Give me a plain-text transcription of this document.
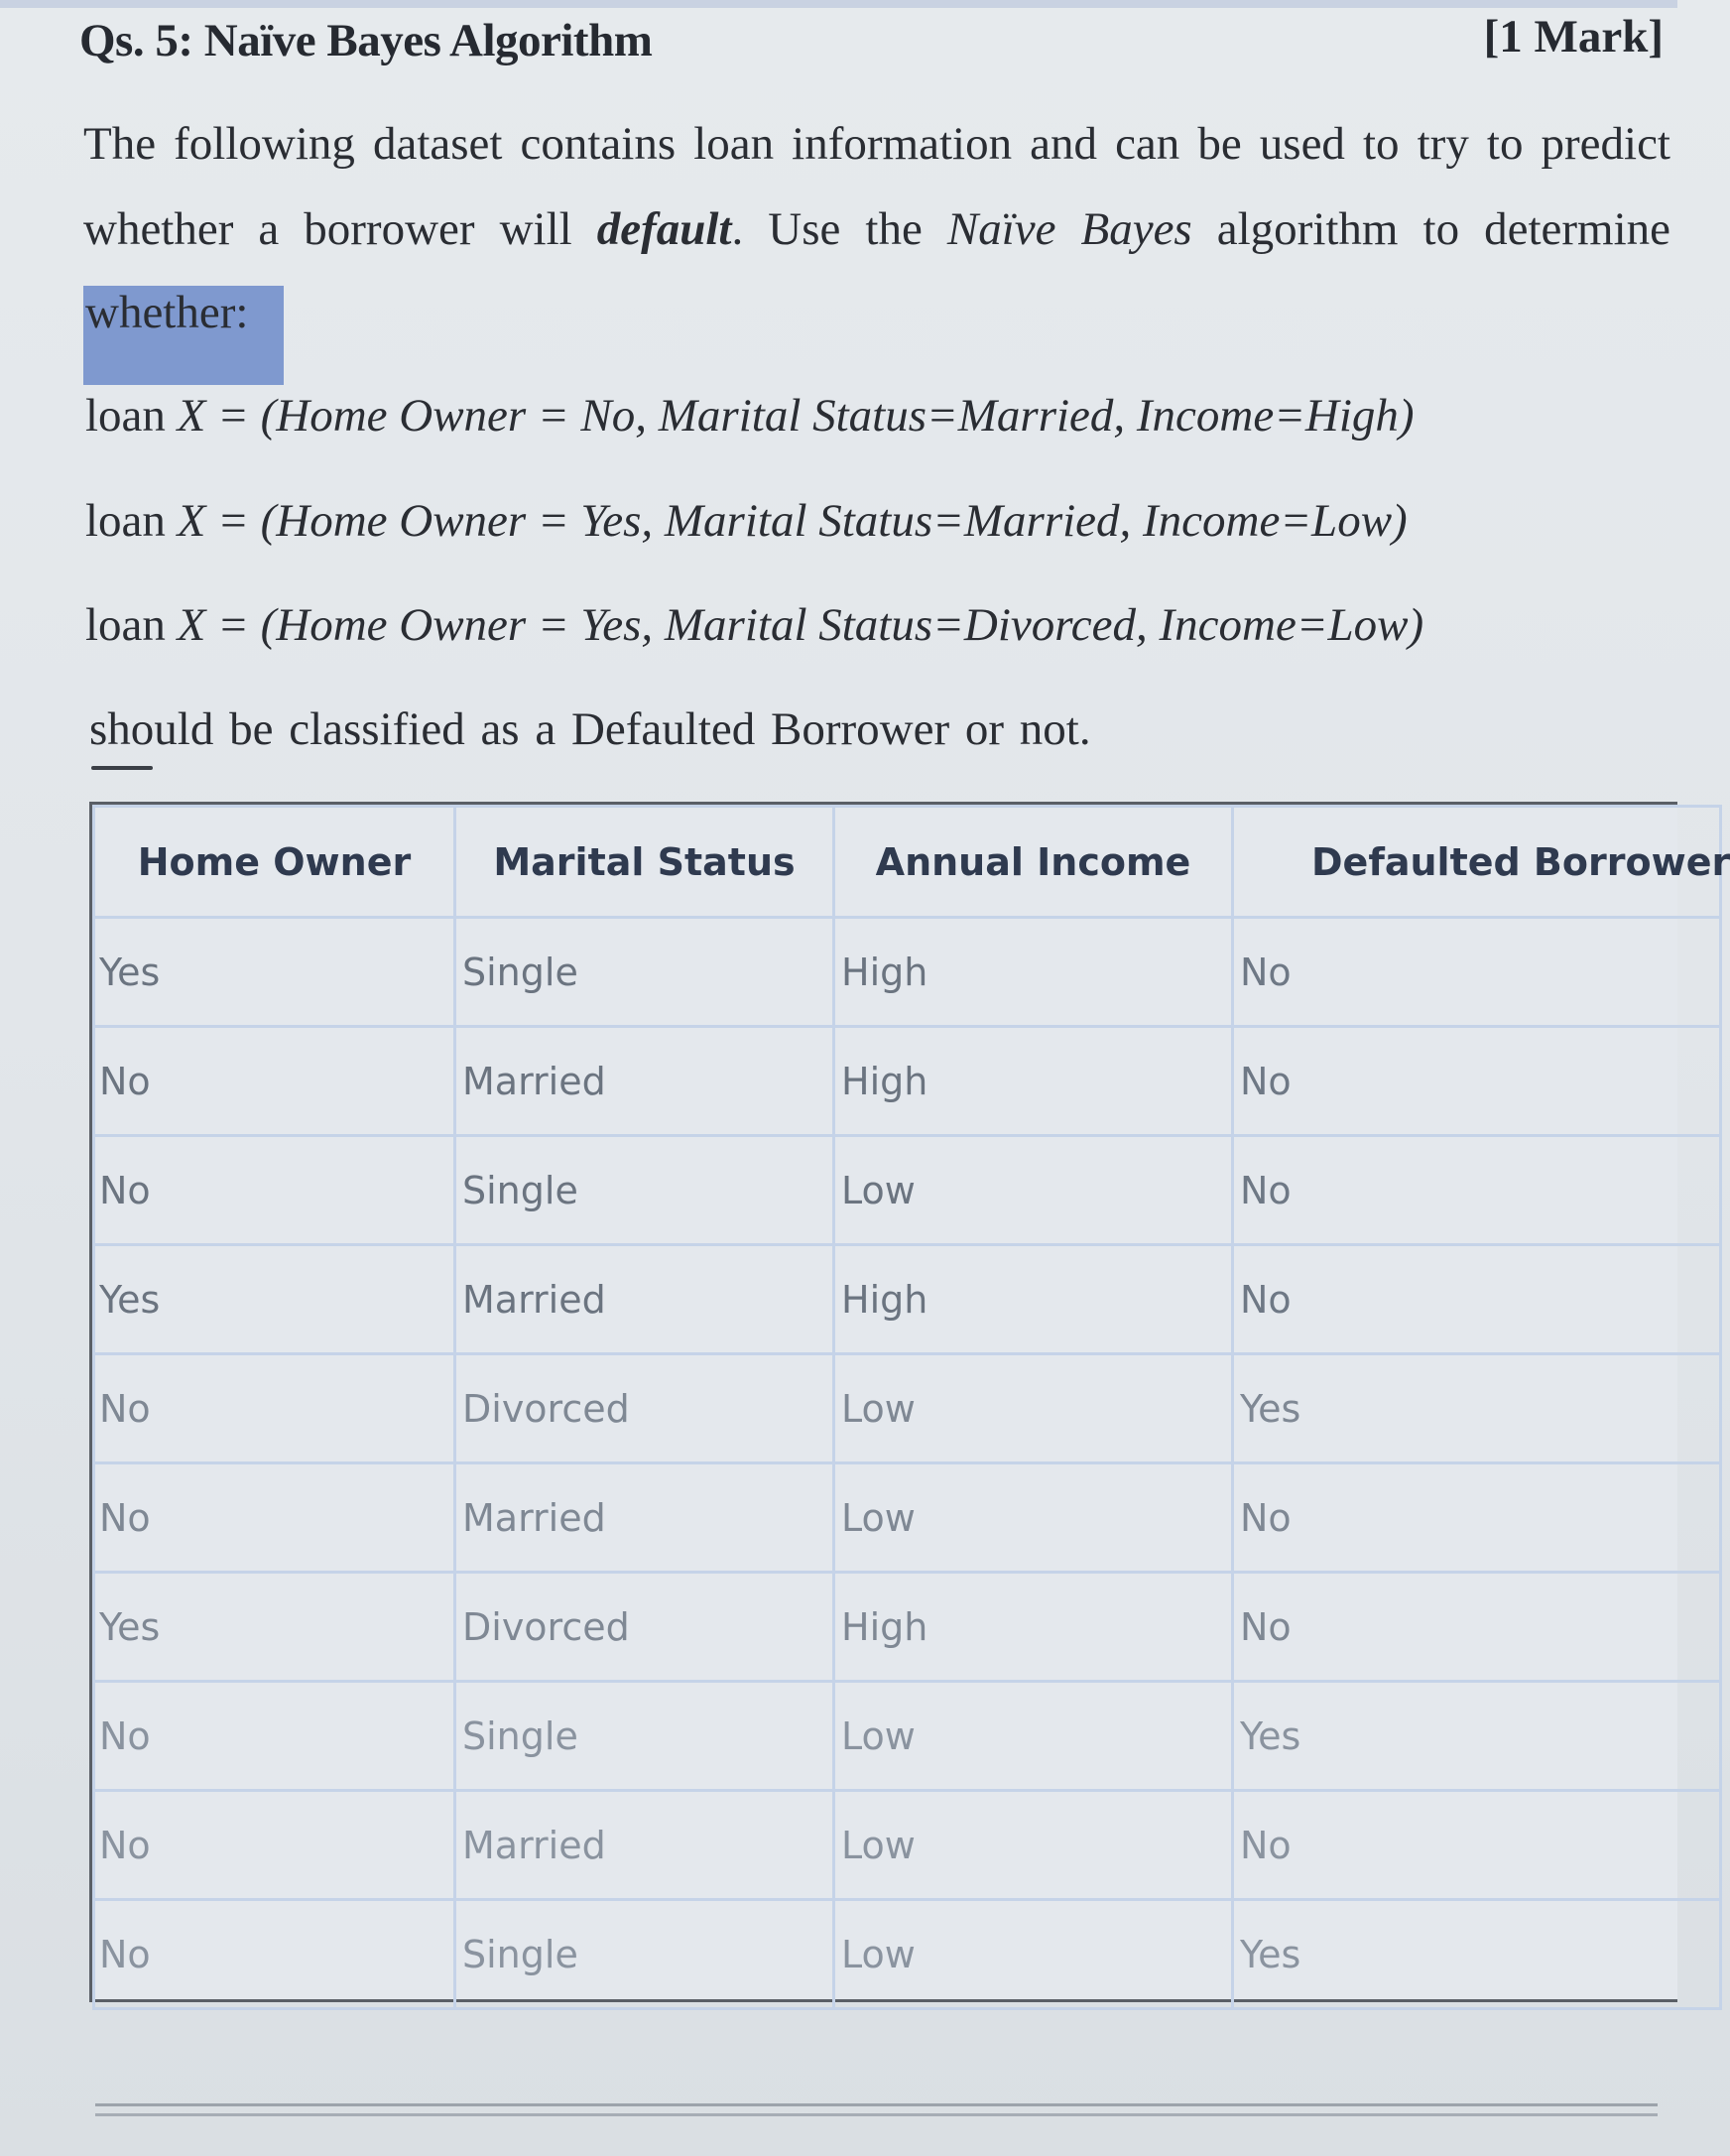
Qs. 5: Naïve Bayes Algorithm	[1 Mark]
The following dataset contains loan information and can be used to try to predict
whether a borrower will default. Use the Naïve Bayes algorithm to determine
whether:
loan X = (Home Owner = No, Marital Status=Married, Income=High)
loan X = (Home Owner = Yes, Marital Status=Married, Income=Low)
loan X = (Home Owner = Yes, Marital Status=Divorced, Income=Low)
should be classified as a Defaulted Borrower or not.
Home Owner	Marital Status	Annual Income	Defaulted Borrower
Yes	Single	High	No
No	Married	High	No
No	Single	Low	No
Yes	Married	High	No
No	Divorced	Low	Yes
No	Married	Low	No
Yes	Divorced	High	No
No	Single	Low	Yes
No	Married	Low	No
No	Single	Low	Yes
